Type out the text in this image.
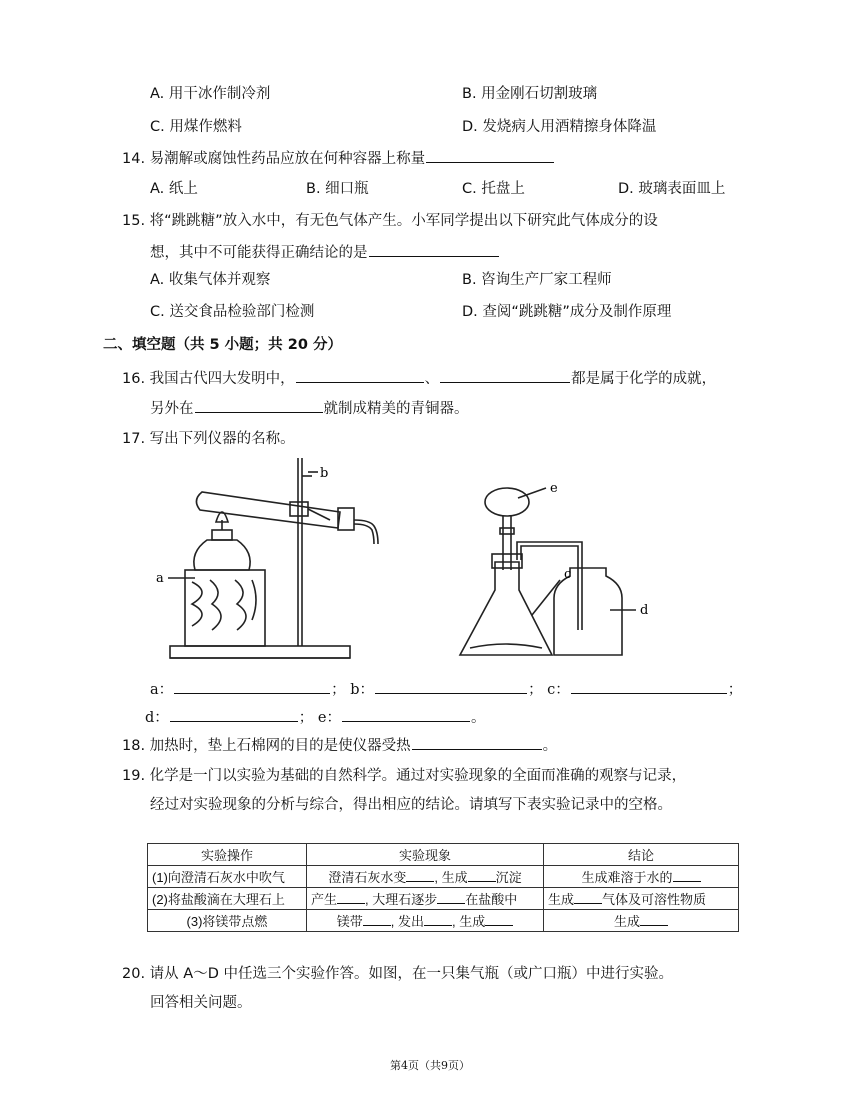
A. 用干冰作制冷剂	B. 用金刚石切割玻璃
C. 用煤作燃料	D. 发烧病人用酒精擦身体降温
14. 易潮解或腐蚀性药品应放在何种容器上称量
A. 纸上	B. 细口瓶	C. 托盘上	D. 玻璃表面皿上
15. 将“跳跳糖”放入水中，有无色气体产生。小军同学提出以下研究此气体成分的设
想，其中不可能获得正确结论的是
A. 收集气体并观察	B. 咨询生产厂家工程师
C. 送交食品检验部门检测	D. 查阅“跳跳糖”成分及制作原理
二、填空题（共 5 小题；共 20 分）
16. 我国古代四大发明中，	、	都是属于化学的成就，
另外在	就制成精美的青铜器。
17. 写出下列仪器的名称。
a
b
e
c
d
a：	； b：	； c：	；
d：	； e：	。
18. 加热时，垫上石棉网的目的是使仪器受热	。
19. 化学是一门以实验为基础的自然科学。通过对实验现象的全面而准确的观察与记录，
经过对实验现象的分析与综合，得出相应的结论。请填写下表实验记录中的空格。
实验操作	实验现象	结论
(1)向澄清石灰水中吹气	澄清石灰水变 , 生成 沉淀	生成难溶于水的
(2)将盐酸滴在大理石上	产生 , 大理石逐步 在盐酸中	生成 气体及可溶性物质
(3)将镁带点燃	镁带 , 发出 , 生成	生成
20. 请从 A～D 中任选三个实验作答。如图，在一只集气瓶（或广口瓶）中进行实验。
回答相关问题。
第4页（共9页）
